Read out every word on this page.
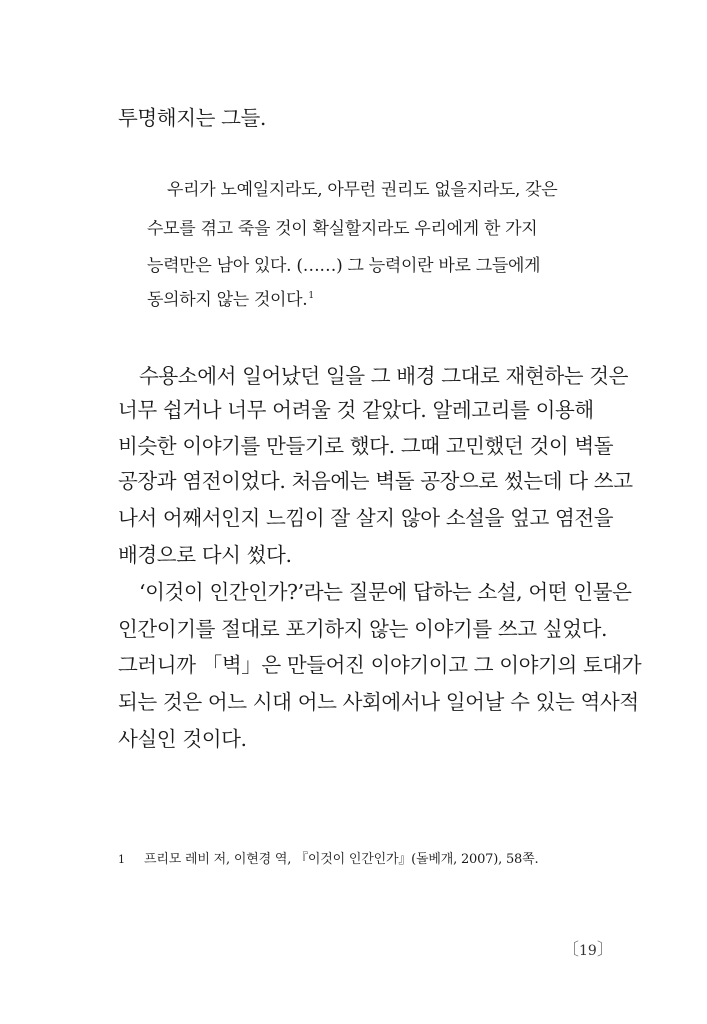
투명해지는 그들.
우리가 노예일지라도, 아무런 권리도 없을지라도, 갖은
수모를 겪고 죽을 것이 확실할지라도 우리에게 한 가지
능력만은 남아 있다. (……) 그 능력이란 바로 그들에게
동의하지 않는 것이다.$^1$
수용소에서 일어났던 일을 그 배경 그대로 재현하는 것은
너무 쉽거나 너무 어려울 것 같았다. 알레고리를 이용해
비슷한 이야기를 만들기로 했다. 그때 고민했던 것이 벽돌
공장과 염전이었다. 처음에는 벽돌 공장으로 썼는데 다 쓰고
나서 어째서인지 느낌이 잘 살지 않아 소설을 엎고 염전을
배경으로 다시 썼다.
‘이것이 인간인가?’라는 질문에 답하는 소설, 어떤 인물은
인간이기를 절대로 포기하지 않는 이야기를 쓰고 싶었다.
그러니까 「벽」은 만들어진 이야기이고 그 이야기의 토대가
되는 것은 어느 시대 어느 사회에서나 일어날 수 있는 역사적
사실인 것이다.
1 프리모 레비 저, 이현경 역, 『이것이 인간인가』(돌베개, 2007), 58쪽.
〔19〕
